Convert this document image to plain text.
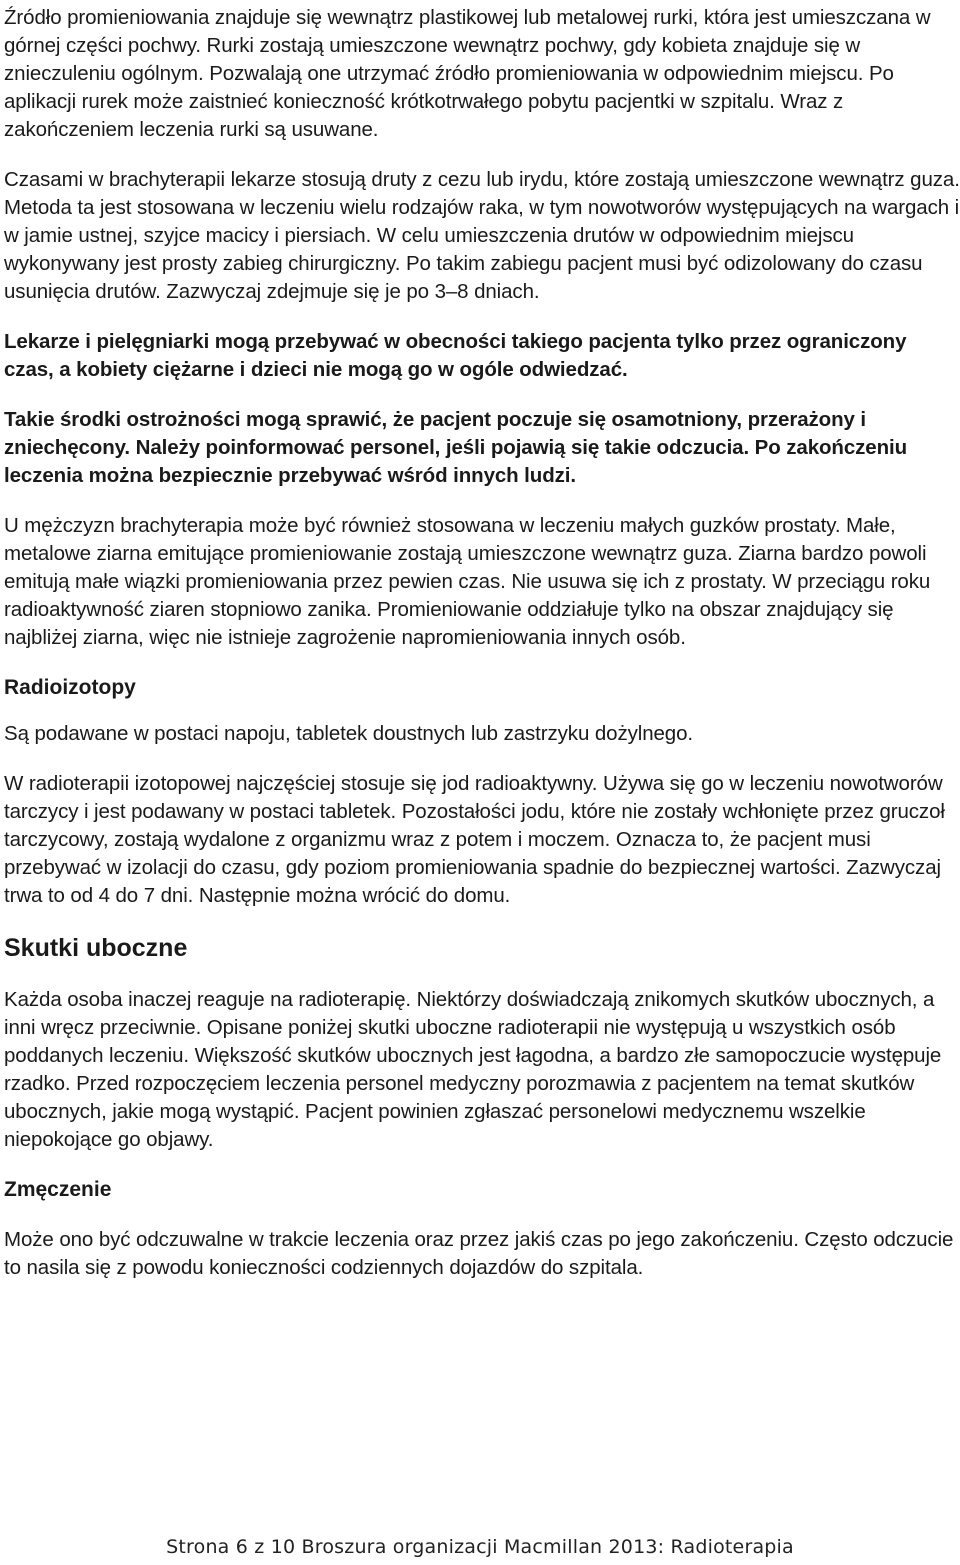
Źródło promieniowania znajduje się wewnątrz plastikowej lub metalowej rurki, która jest umieszczana w górnej części pochwy. Rurki zostają umieszczone wewnątrz pochwy, gdy kobieta znajduje się w znieczuleniu ogólnym. Pozwalają one utrzymać źródło promieniowania w odpowiednim miejscu. Po aplikacji rurek może zaistnieć konieczność krótkotrwałego pobytu pacjentki w szpitalu. Wraz z zakończeniem leczenia rurki są usuwane.

Czasami w brachyterapii lekarze stosują druty z cezu lub irydu, które zostają umieszczone wewnątrz guza. Metoda ta jest stosowana w leczeniu wielu rodzajów raka, w tym nowotworów występujących na wargach i w jamie ustnej, szyjce macicy i piersiach. W celu umieszczenia drutów w odpowiednim miejscu wykonywany jest prosty zabieg chirurgiczny. Po takim zabiegu pacjent musi być odizolowany do czasu usunięcia drutów. Zazwyczaj zdejmuje się je po 3–8 dniach.

Lekarze i pielęgniarki mogą przebywać w obecności takiego pacjenta tylko przez ograniczony czas, a kobiety ciężarne i dzieci nie mogą go w ogóle odwiedzać.

Takie środki ostrożności mogą sprawić, że pacjent poczuje się osamotniony, przerażony i zniechęcony. Należy poinformować personel, jeśli pojawią się takie odczucia. Po zakończeniu leczenia można bezpiecznie przebywać wśród innych ludzi.

U mężczyzn brachyterapia może być również stosowana w leczeniu małych guzków prostaty. Małe, metalowe ziarna emitujące promieniowanie zostają umieszczone wewnątrz guza. Ziarna bardzo powoli emitują małe wiązki promieniowania przez pewien czas. Nie usuwa się ich z prostaty. W przeciągu roku radioaktywność ziaren stopniowo zanika. Promieniowanie oddziałuje tylko na obszar znajdujący się najbliżej ziarna, więc nie istnieje zagrożenie napromieniowania innych osób.

Radioizotopy

Są podawane w postaci napoju, tabletek doustnych lub zastrzyku dożylnego.

W radioterapii izotopowej najczęściej stosuje się jod radioaktywny. Używa się go w leczeniu nowotworów tarczycy i jest podawany w postaci tabletek. Pozostałości jodu, które nie zostały wchłonięte przez gruczoł tarczycowy, zostają wydalone z organizmu wraz z potem i moczem. Oznacza to, że pacjent musi przebywać w izolacji do czasu, gdy poziom promieniowania spadnie do bezpiecznej wartości. Zazwyczaj trwa to od 4 do 7 dni. Następnie można wrócić do domu.

Skutki uboczne

Każda osoba inaczej reaguje na radioterapię. Niektórzy doświadczają znikomych skutków ubocznych, a inni wręcz przeciwnie. Opisane poniżej skutki uboczne radioterapii nie występują u wszystkich osób poddanych leczeniu. Większość skutków ubocznych jest łagodna, a bardzo złe samopoczucie występuje rzadko. Przed rozpoczęciem leczenia personel medyczny porozmawia z pacjentem na temat skutków ubocznych, jakie mogą wystąpić. Pacjent powinien zgłaszać personelowi medycznemu wszelkie niepokojące go objawy.

Zmęczenie

Może ono być odczuwalne w trakcie leczenia oraz przez jakiś czas po jego zakończeniu. Często odczucie to nasila się z powodu konieczności codziennych dojazdów do szpitala.

Strona 6 z 10 Broszura organizacji Macmillan 2013: Radioterapia
